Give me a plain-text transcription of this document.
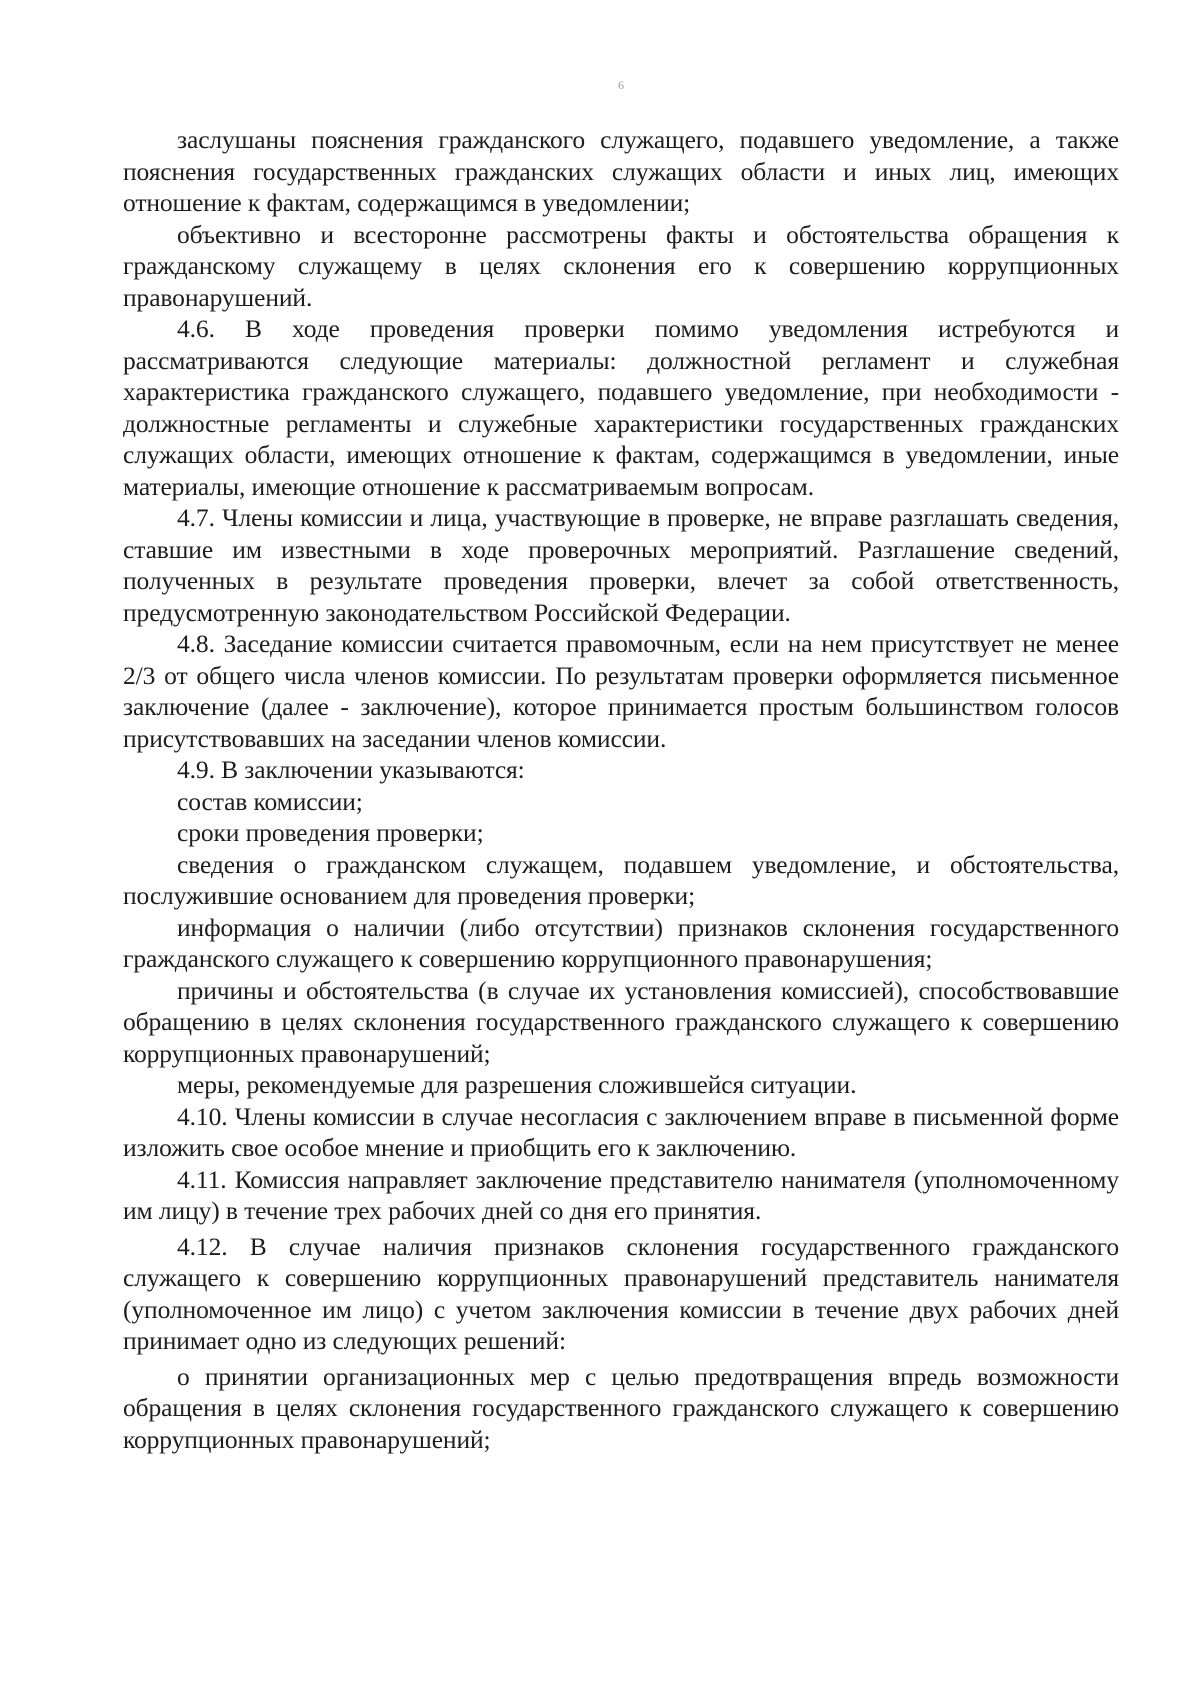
6

заслушаны пояснения гражданского служащего, подавшего уведомление, а также пояснения государственных гражданских служащих области и иных лиц, имеющих отношение к фактам, содержащимся в уведомлении;

объективно и всесторонне рассмотрены факты и обстоятельства обращения к гражданскому служащему в целях склонения его к совершению коррупционных правонарушений.

4.6. В ходе проведения проверки помимо уведомления истребуются и рассматриваются следующие материалы: должностной регламент и служебная характеристика гражданского служащего, подавшего уведомление, при необходимости - должностные регламенты и служебные характеристики государственных гражданских служащих области, имеющих отношение к фактам, содержащимся в уведомлении, иные материалы, имеющие отношение к рассматриваемым вопросам.

4.7. Члены комиссии и лица, участвующие в проверке, не вправе разглашать сведения, ставшие им известными в ходе проверочных мероприятий. Разглашение сведений, полученных в результате проведения проверки, влечет за собой ответственность, предусмотренную законодательством Российской Федерации.

4.8. Заседание комиссии считается правомочным, если на нем присутствует не менее 2/3 от общего числа членов комиссии. По результатам проверки оформляется письменное заключение (далее - заключение), которое принимается простым большинством голосов присутствовавших на заседании членов комиссии.

4.9. В заключении указываются:

состав комиссии;

сроки проведения проверки;

сведения о гражданском служащем, подавшем уведомление, и обстоятельства, послужившие основанием для проведения проверки;

информация о наличии (либо отсутствии) признаков склонения государственного гражданского служащего к совершению коррупционного правонарушения;

причины и обстоятельства (в случае их установления комиссией), способствовавшие обращению в целях склонения государственного гражданского служащего к совершению коррупционных правонарушений;

меры, рекомендуемые для разрешения сложившейся ситуации.

4.10. Члены комиссии в случае несогласия с заключением вправе в письменной форме изложить свое особое мнение и приобщить его к заключению.

4.11. Комиссия направляет заключение представителю нанимателя (уполномоченному им лицу) в течение трех рабочих дней со дня его принятия.

4.12. В случае наличия признаков склонения государственного гражданского служащего к совершению коррупционных правонарушений представитель нанимателя (уполномоченное им лицо) с учетом заключения комиссии в течение двух рабочих дней принимает одно из следующих решений:

о принятии организационных мер с целью предотвращения впредь возможности обращения в целях склонения государственного гражданского служащего к совершению коррупционных правонарушений;
